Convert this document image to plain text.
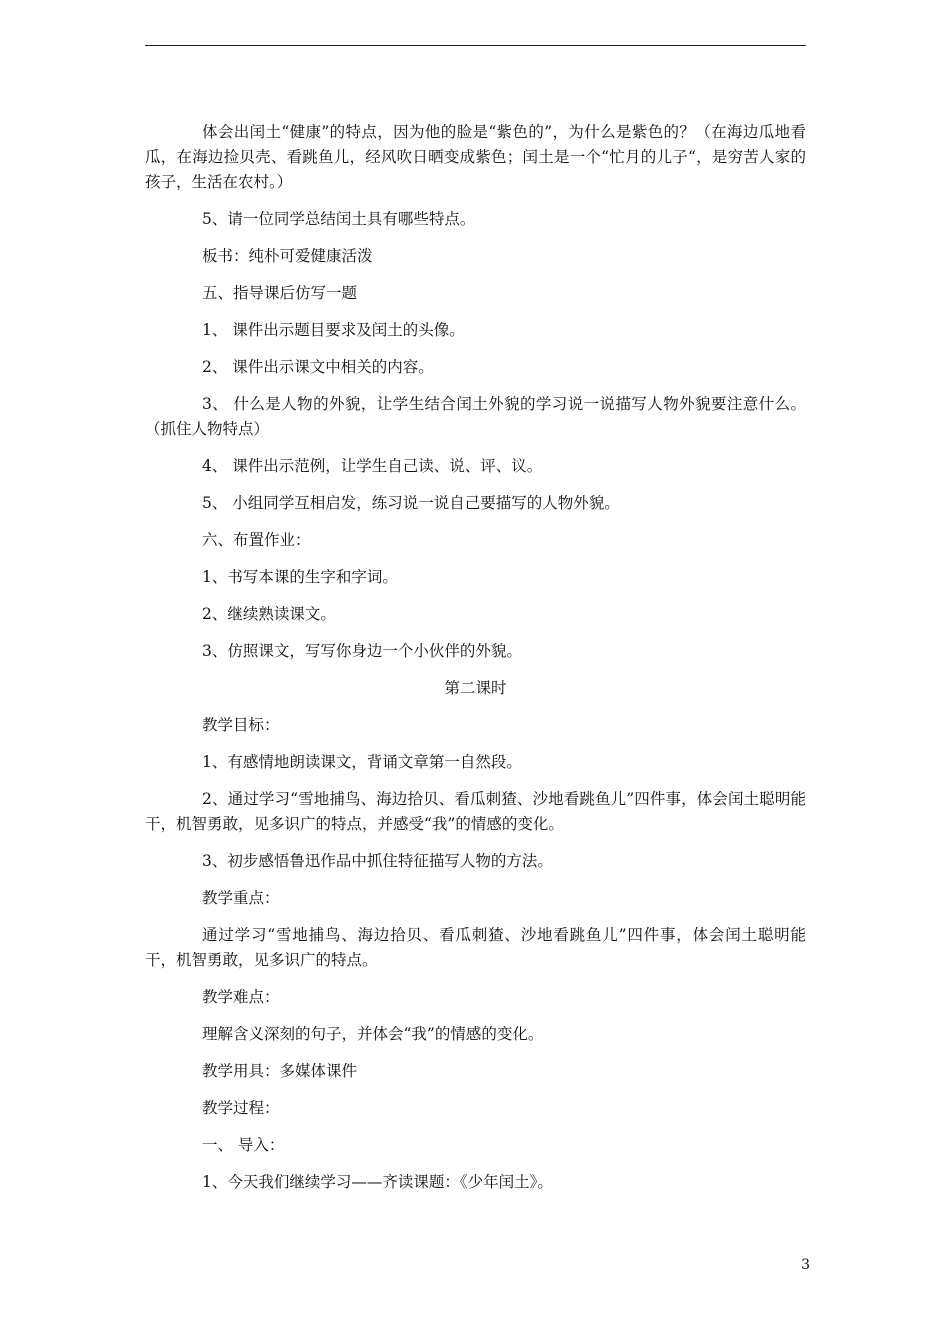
体会出闰土“健康”的特点，因为他的脸是“紫色的”，为什么是紫色的？（在海边瓜地看瓜，在海边捡贝壳、看跳鱼儿，经风吹日晒变成紫色；闰土是一个“忙月的儿子“，是穷苦人家的孩子，生活在农村。）

5、请一位同学总结闰土具有哪些特点。

板书：纯朴可爱健康活泼

五、指导课后仿写一题

1、 课件出示题目要求及闰土的头像。

2、 课件出示课文中相关的内容。

3、 什么是人物的外貌，让学生结合闰土外貌的学习说一说描写人物外貌要注意什么。（抓住人物特点）

4、 课件出示范例，让学生自己读、说、评、议。

5、 小组同学互相启发，练习说一说自己要描写的人物外貌。

六、布置作业：

1、书写本课的生字和字词。

2、继续熟读课文。

3、仿照课文，写写你身边一个小伙伴的外貌。

第二课时

教学目标：

1、有感情地朗读课文，背诵文章第一自然段。

2、通过学习“雪地捕鸟、海边拾贝、看瓜刺猹、沙地看跳鱼儿”四件事，体会闰土聪明能干，机智勇敢，见多识广的特点，并感受“我”的情感的变化。

3、初步感悟鲁迅作品中抓住特征描写人物的方法。

教学重点：

通过学习“雪地捕鸟、海边拾贝、看瓜刺猹、沙地看跳鱼儿”四件事，体会闰土聪明能干，机智勇敢，见多识广的特点。

教学难点：

理解含义深刻的句子，并体会“我”的情感的变化。

教学用具：多媒体课件

教学过程：

一、 导入：

1、今天我们继续学习——齐读课题：《少年闰土》。

3
